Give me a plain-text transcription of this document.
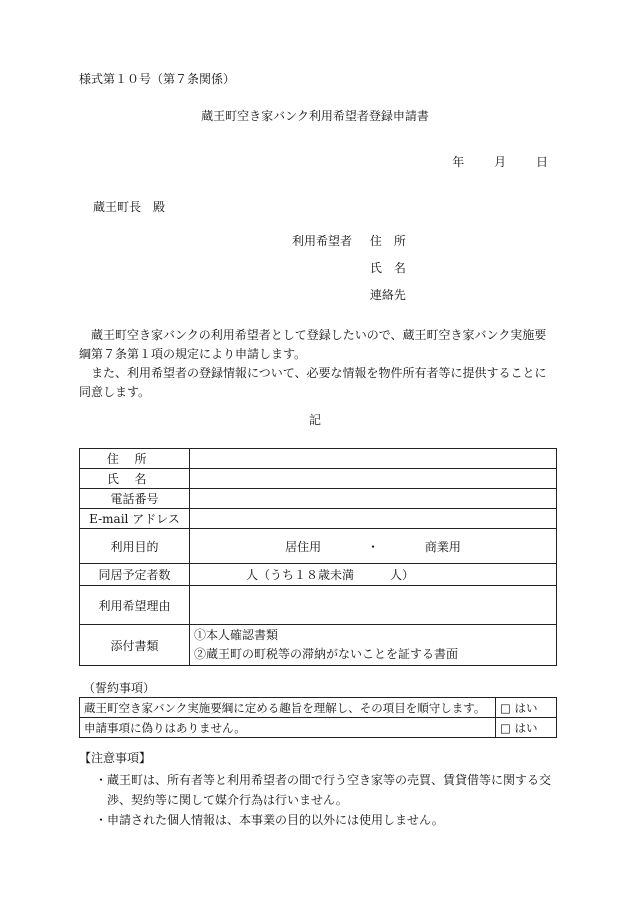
様式第１０号（第７条関係）
蔵王町空き家バンク利用希望者登録申請書
年 月 日
蔵王町長　殿
利用希望者 住　所
氏　名
連絡先

蔵王町空き家バンクの利用希望者として登録したいので、蔵王町空き家バンク実施要綱第７条第１項の規定により申請します。

また、利用希望者の登録情報について、必要な情報を物件所有者等に提供することに同意します。

記
住所	
氏名	
電話番号	
E-mail アドレス	
利用目的	居住用 ・ 商業用
同居予定者数	人（うち１８歳未満　　　人）
利用希望理由	
添付書類	①本人確認書類
②蔵王町の町税等の滞納がないことを証する書面
（誓約事項）
蔵王町空き家バンク実施要綱に定める趣旨を理解し、その項目を順守します。	□ はい
申請事項に偽りはありません。	□ はい
【注意事項】
・蔵王町は、所有者等と利用希望者の間で行う空き家等の売買、賃貸借等に関する交渉、契約等に関して媒介行為は行いません。
・申請された個人情報は、本事業の目的以外には使用しません。
